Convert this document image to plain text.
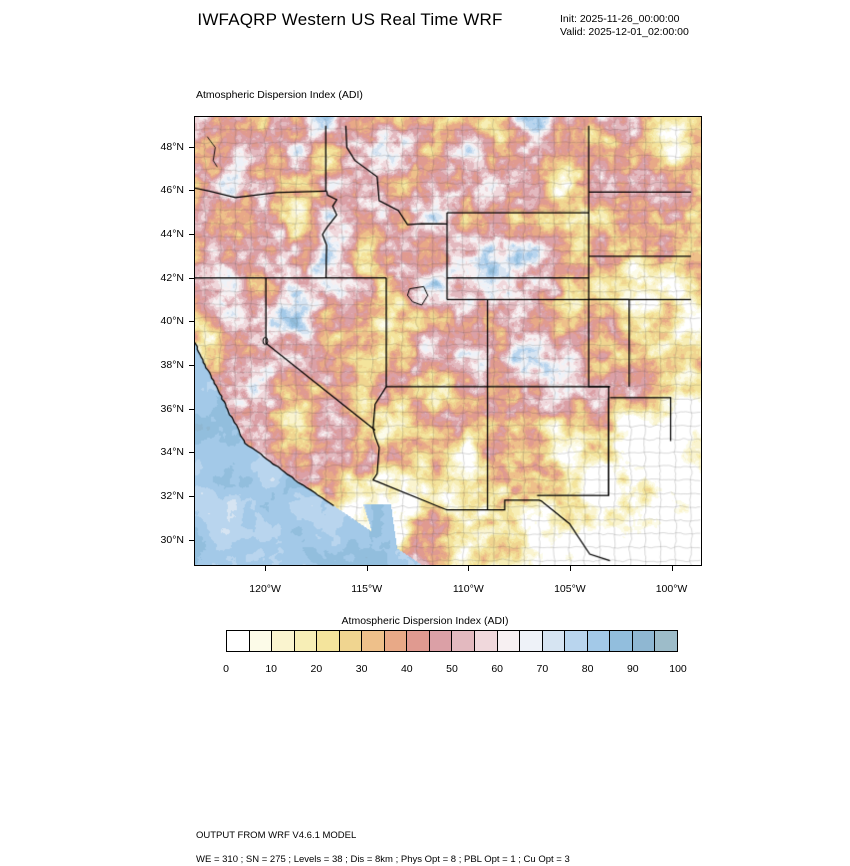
IWFAQRP Western US Real Time WRF	Init: 2025-11-26_00:00:00
Valid: 2025-12-01_02:00:00
Atmospheric Dispersion Index (ADI)
48°N
46°N
44°N
42°N
40°N
38°N
36°N
34°N
32°N
30°N
120°W	115°W	110°W	105°W	100°W
Atmospheric Dispersion Index (ADI)
0	10	20	30	40	50	60	70	80	90	100

OUTPUT FROM WRF V4.6.1 MODEL

WE = 310 ; SN = 275 ; Levels = 38 ; Dis = 8km ; Phys Opt = 8 ; PBL Opt = 1 ; Cu Opt = 3
